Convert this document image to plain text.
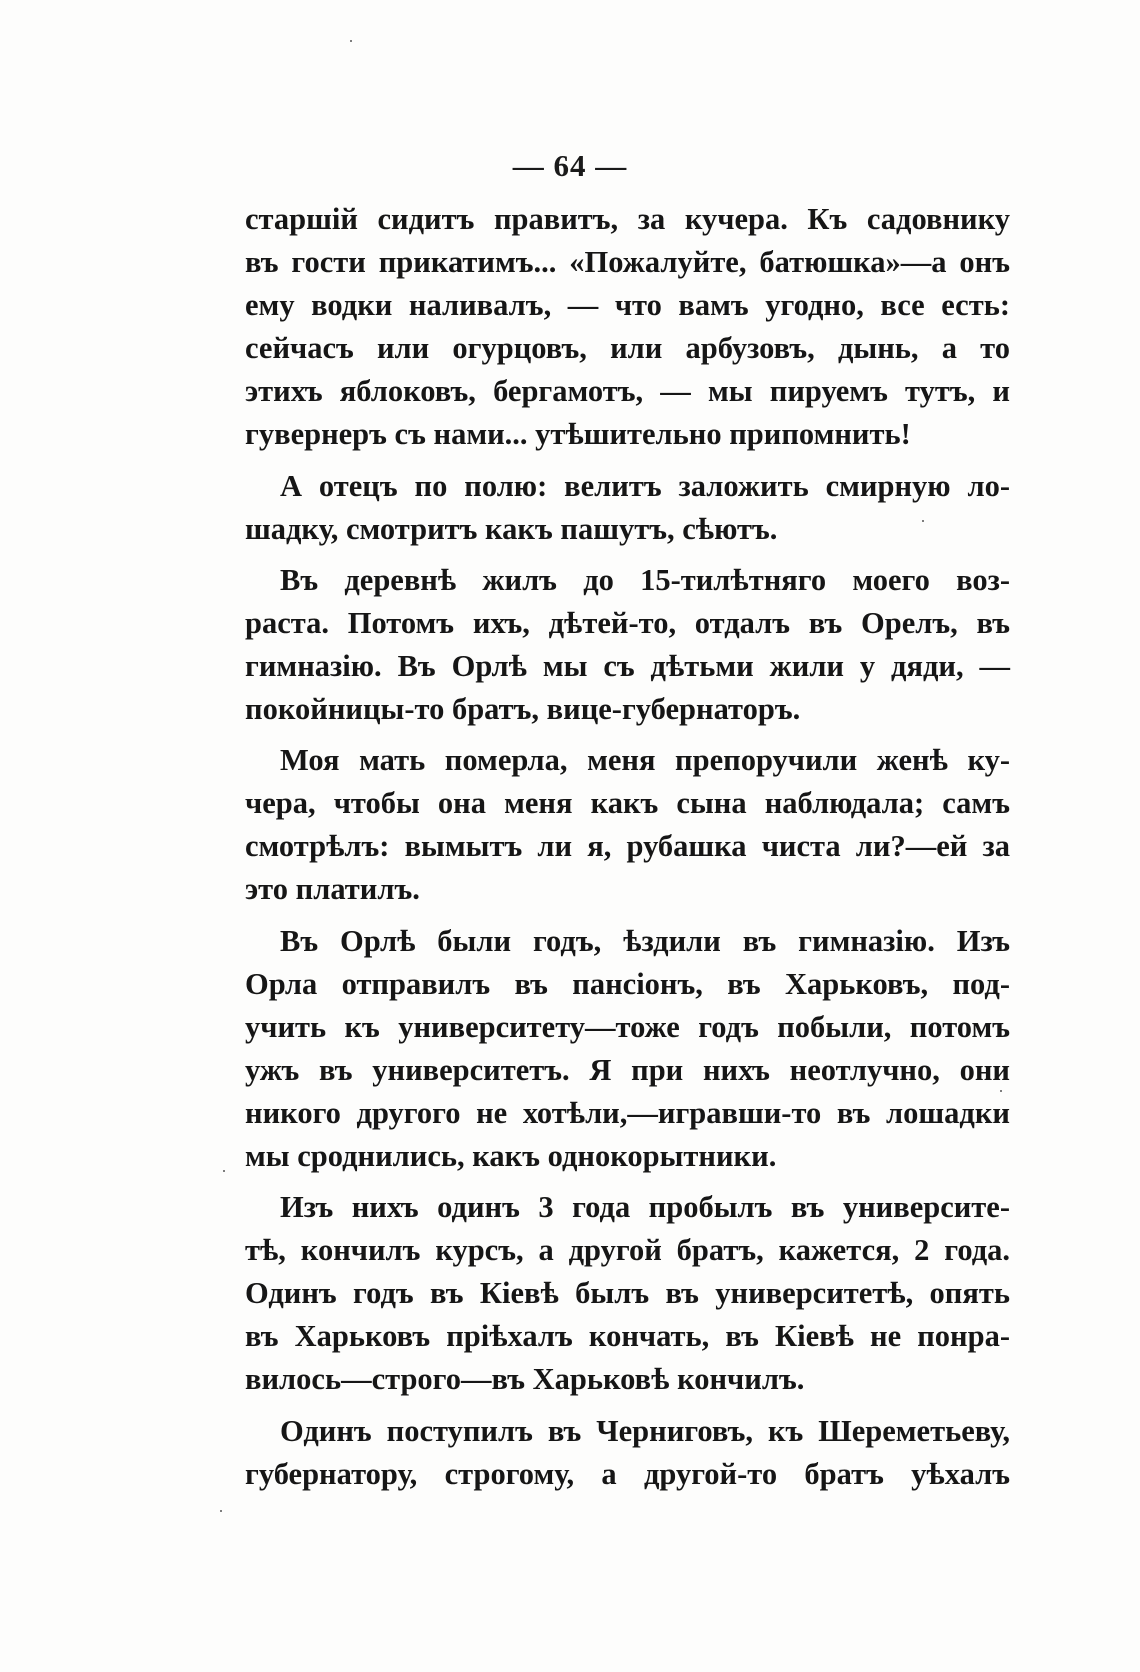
— 64 —
старшій сидитъ правитъ, за кучера. Къ садовнику
въ гости прикатимъ... «Пожалуйте, батюшка»—а онъ
ему водки наливалъ, — что вамъ угодно, все есть:
сейчасъ или огурцовъ, или арбузовъ, дынь, а то
этихъ яблоковъ, бергамотъ, — мы пируемъ тутъ, и
гувернеръ съ нами... утѣшительно припомнить!
А отецъ по полю: велитъ заложить смирную ло-
шадку, смотритъ какъ пашутъ, сѣютъ.
Въ деревнѣ жилъ до 15-тилѣтняго моего воз-
раста. Потомъ ихъ, дѣтей-то, отдалъ въ Орелъ, въ
гимназію. Въ Орлѣ мы съ дѣтьми жили у дяди, —
покойницы-то братъ, вице-губернаторъ.
Моя мать померла, меня препоручили женѣ ку-
чера, чтобы она меня какъ сына наблюдала; самъ
смотрѣлъ: вымытъ ли я, рубашка чиста ли?—ей за
это платилъ.
Въ Орлѣ были годъ, ѣздили въ гимназію. Изъ
Орла отправилъ въ пансіонъ, въ Харьковъ, под-
учить къ университету—тоже годъ побыли, потомъ
ужъ въ университетъ. Я при нихъ неотлучно, они
никого другого не хотѣли,—игравши-то въ лошадки
мы сроднились, какъ однокорытники.
Изъ нихъ одинъ 3 года пробылъ въ университе-
тѣ, кончилъ курсъ, а другой братъ, кажется, 2 года.
Одинъ годъ въ Кіевѣ былъ въ университетѣ, опять
въ Харьковъ пріѣхалъ кончать, въ Кіевѣ не понра-
вилось—строго—въ Харьковѣ кончилъ.
Одинъ поступилъ въ Черниговъ, къ Шереметьеву,
губернатору, строгому, а другой-то братъ уѣхалъ
